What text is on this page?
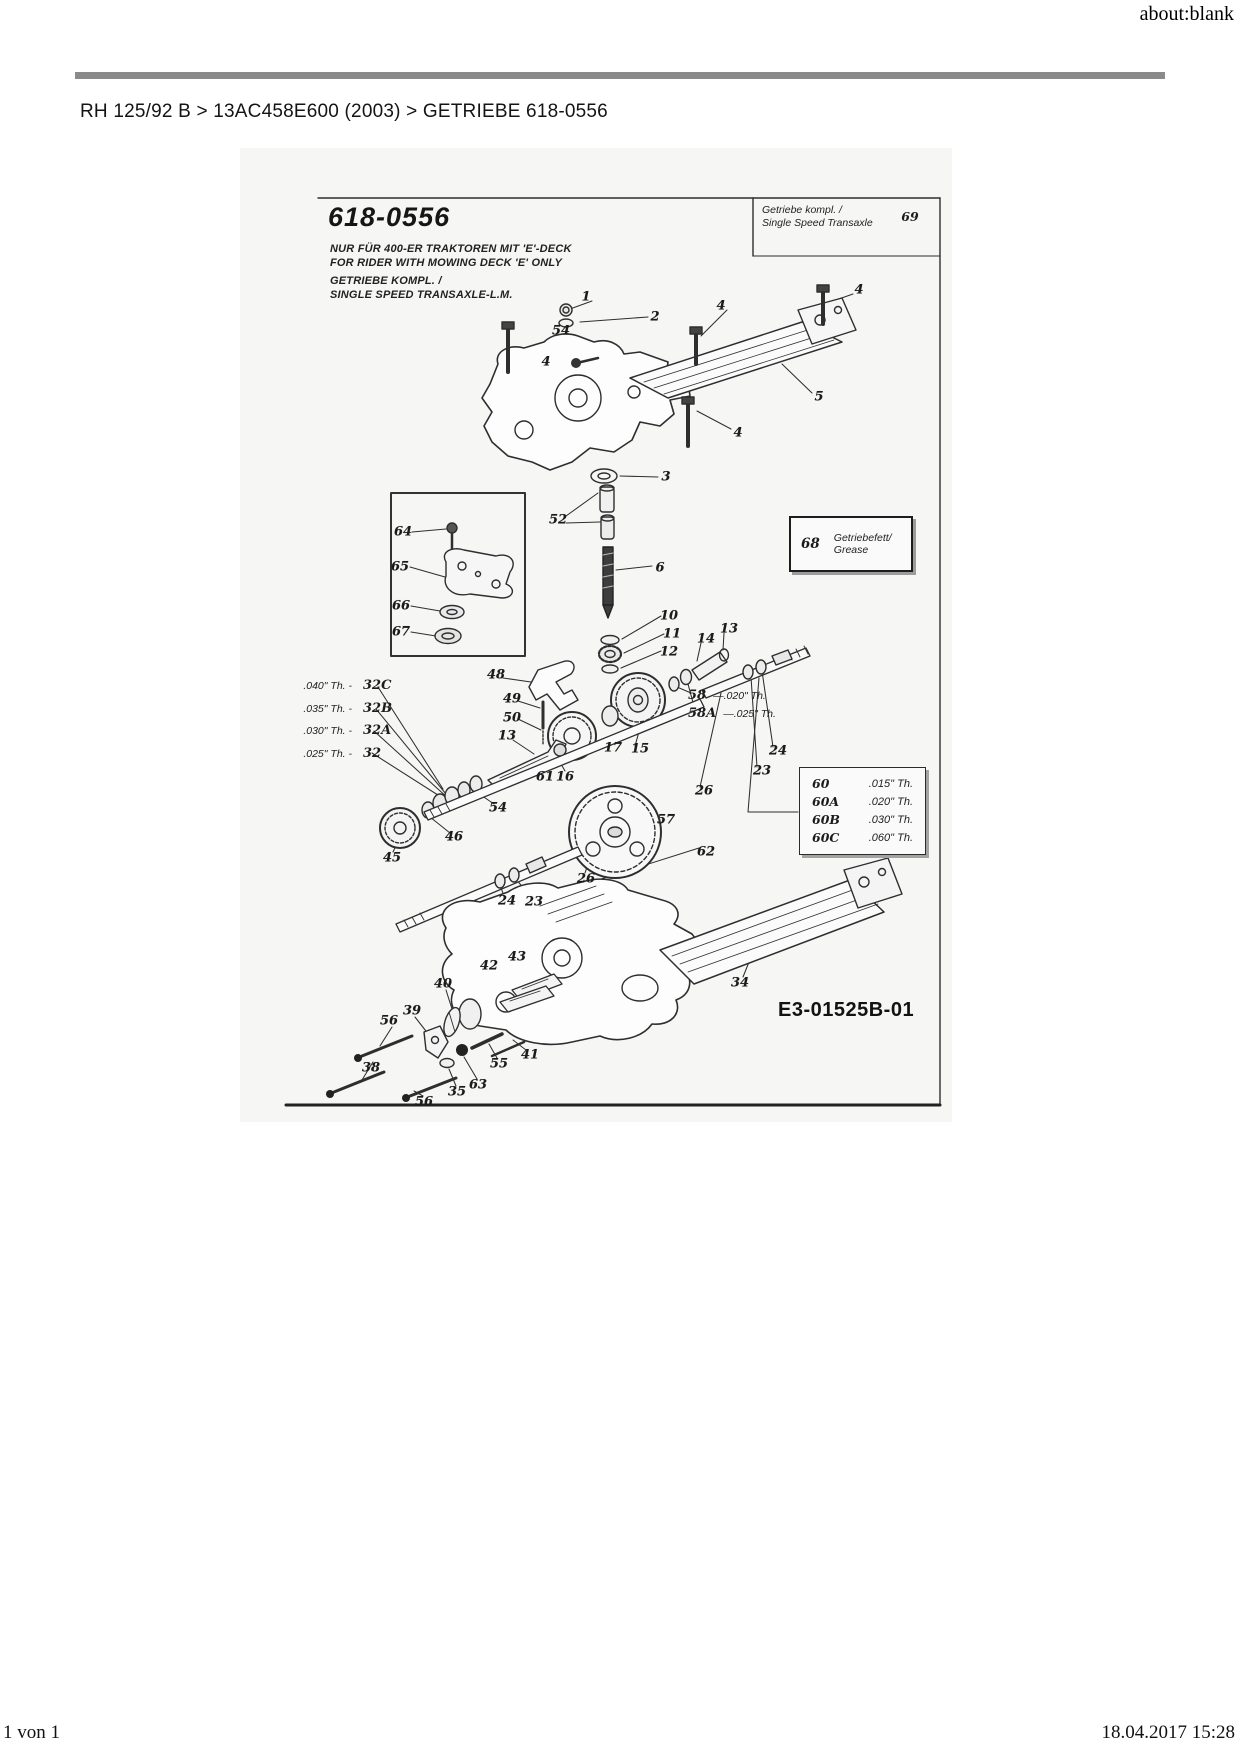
about:blank
RH 125/92 B > 13AC458E600 (2003) > GETRIEBE 618-0556
618-0556
NUR FÜR 400-ER TRAKTOREN MIT 'E'-DECK
FOR RIDER WITH MOWING DECK 'E' ONLY
GETRIEBE KOMPL. /
SINGLE SPEED TRANSAXLE-L.M.
Getriebe kompl. /
Single Speed Transaxle	69
68 Getriebefett/
Grease
60	.015" Th.
60A	.020" Th.
60B	.030" Th.
60C	.060" Th.
.040" Th. - 32C
.035" Th. - 32B
.030" Th. - 32A
.025" Th. - 32
58 —.020" Th.
58A —.025" Th.
E3-01525B-01
1
2
54
4
4
4
5
4
3
52
6
64
65
66
67
10
11
12
14
13
48
49
50
13
17 15
61 16
54
46
45
24
23
26
57
62
26
24 23
34
42
43
40
39
56
38	55
41
63
35
56
1 von 1	18.04.2017 15:28
